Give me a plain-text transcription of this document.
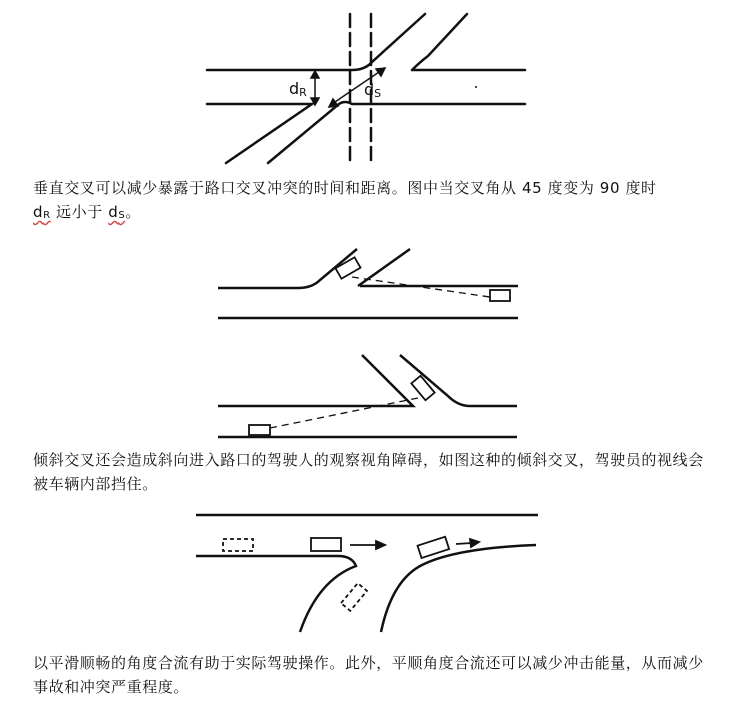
dR	dS
垂直交叉可以减少暴露于路口交叉冲突的时间和距离。图中当交叉角从 45 度变为 90 度时
dR 远小于 dS。
倾斜交叉还会造成斜向进入路口的驾驶人的观察视角障碍，如图这种的倾斜交叉，驾驶员的视线会被车辆内部挡住。
以平滑顺畅的角度合流有助于实际驾驶操作。此外，平顺角度合流还可以减少冲击能量，从而减少事故和冲突严重程度。
